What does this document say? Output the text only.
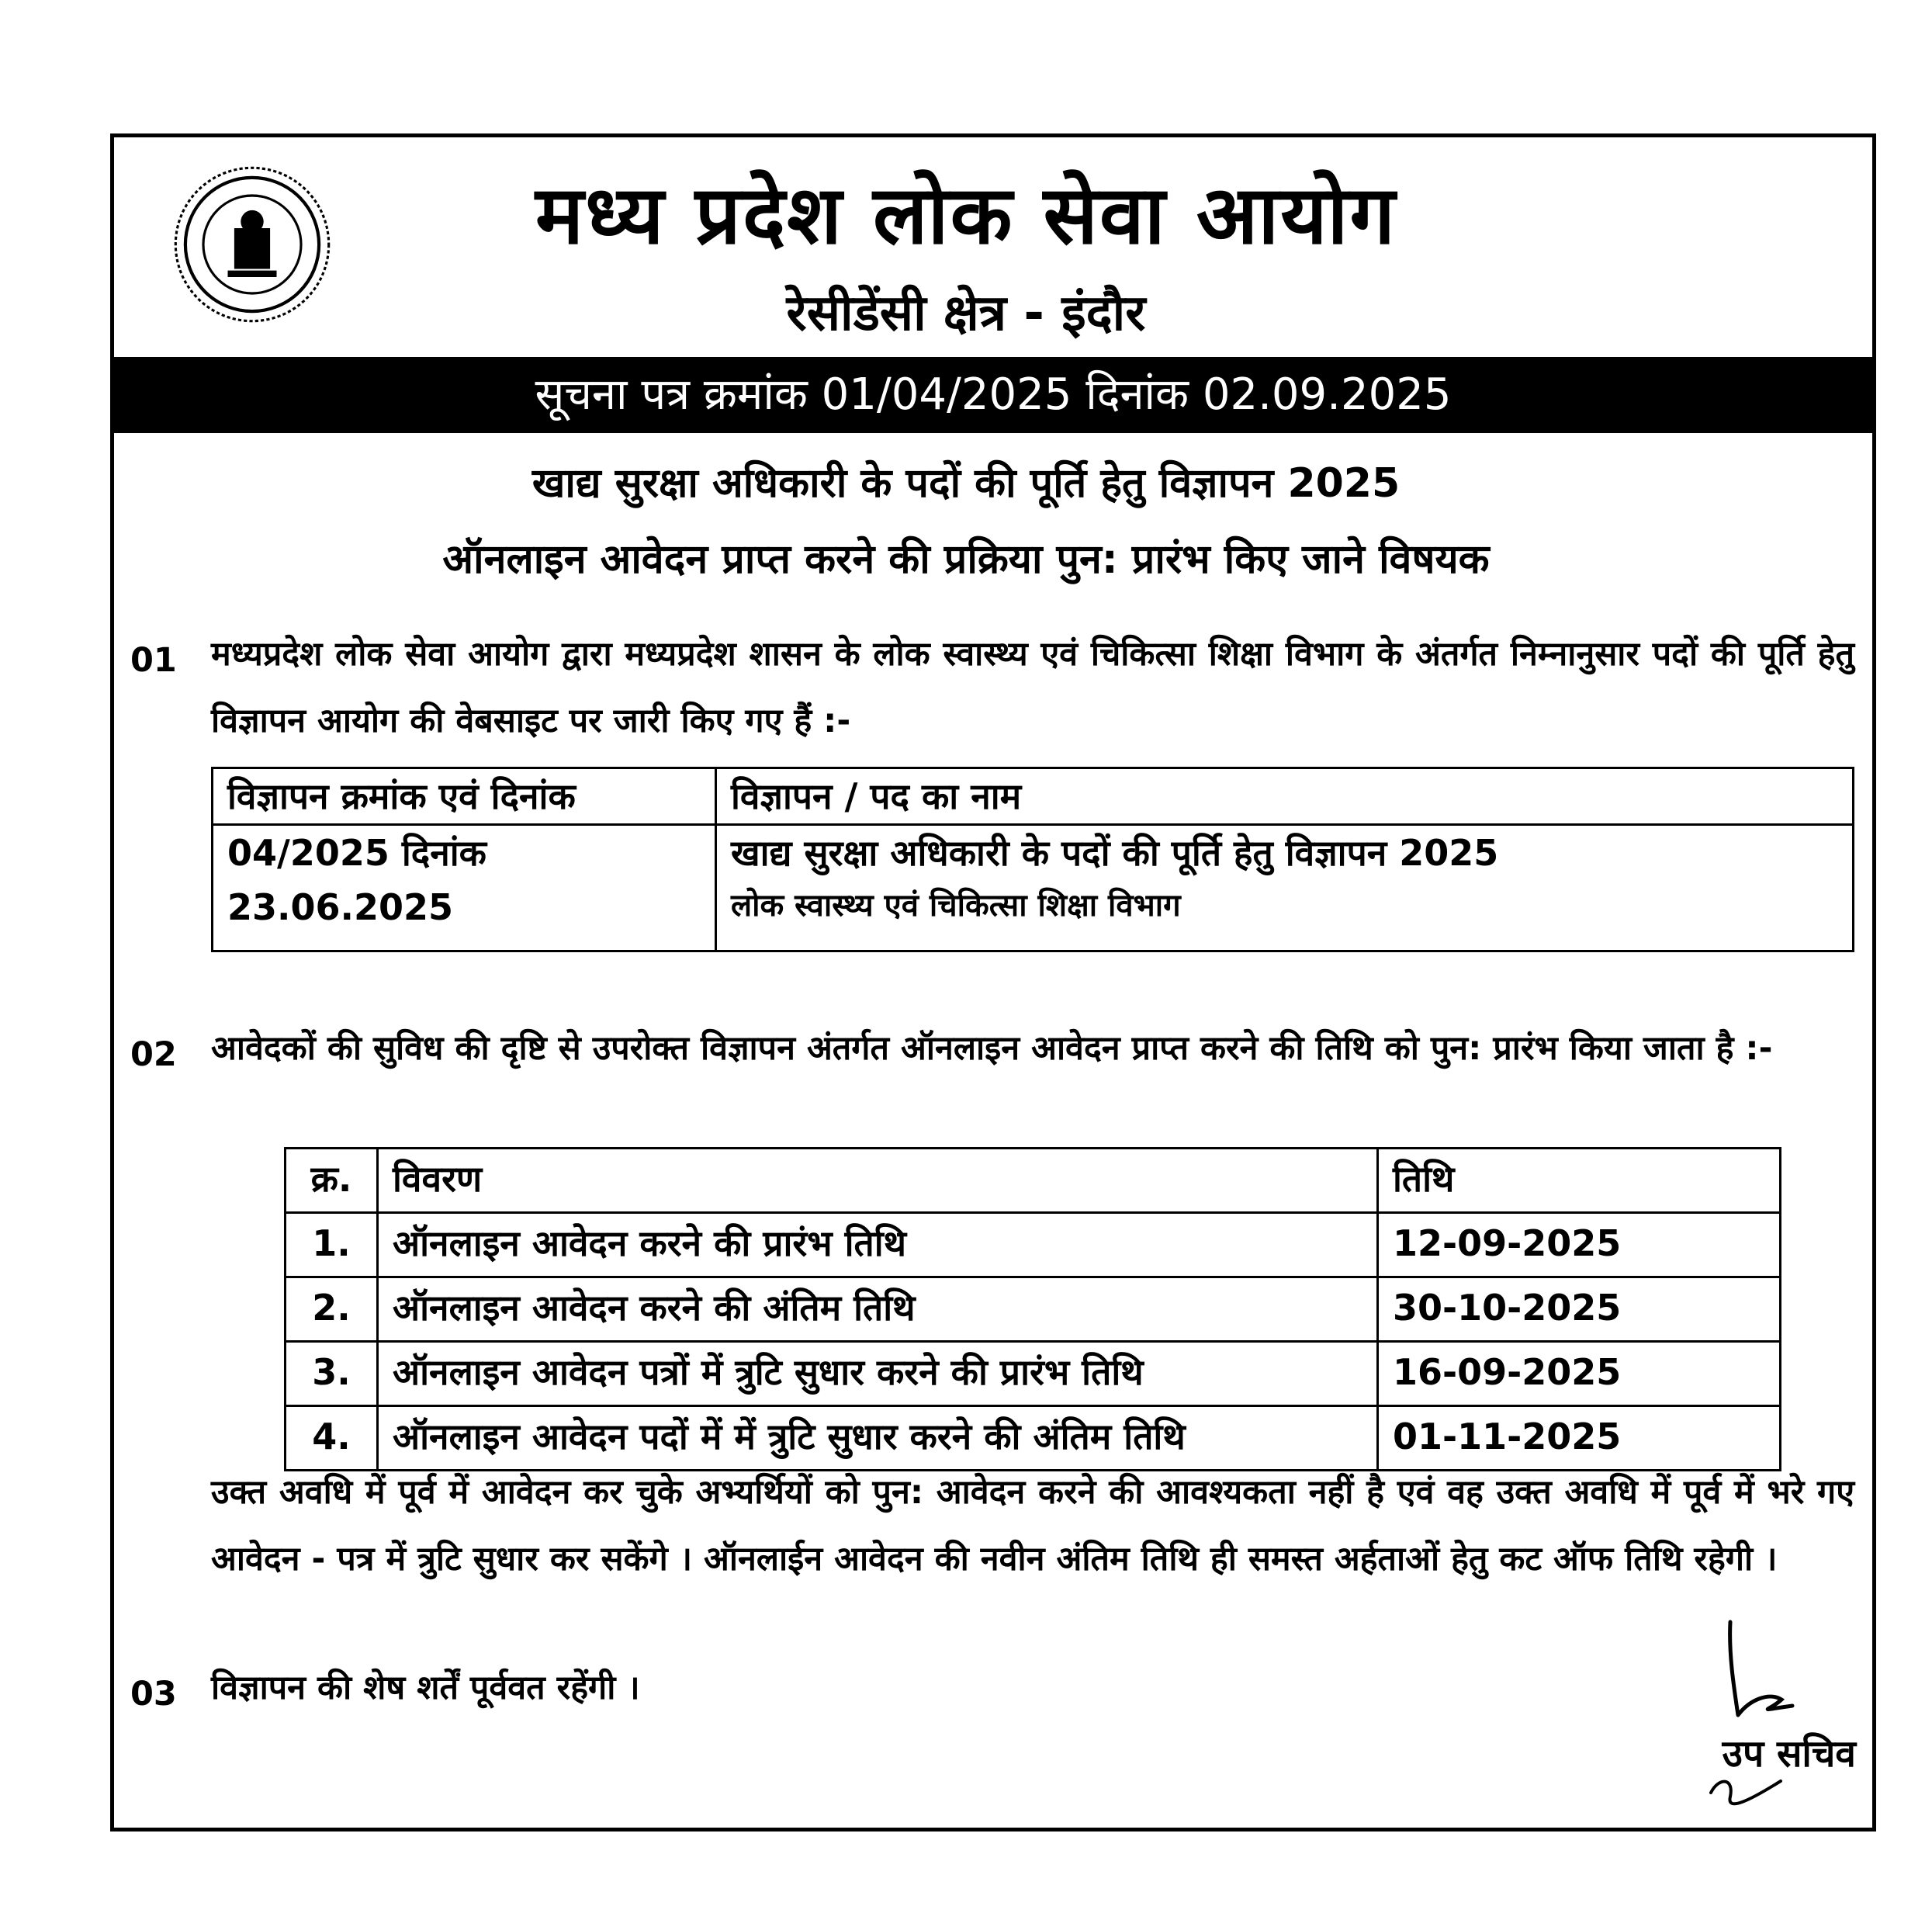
मध्य प्रदेश लोक सेवा आयोग
रेसीडेंसी क्षेत्र - इंदौर
सूचना पत्र क्रमांक 01/04/2025 दिनांक 02.09.2025
खाद्य सुरक्षा अधिकारी के पदों की पूर्ति हेतु विज्ञापन 2025
ऑनलाइन आवेदन प्राप्त करने की प्रक्रिया पुन: प्रारंभ किए जाने विषयक
01 मध्यप्रदेश लोक सेवा आयोग द्वारा मध्यप्रदेश शासन के लोक स्वास्थ्य एवं चिकित्सा शिक्षा विभाग के अंतर्गत निम्नानुसार पदों की पूर्ति हेतु विज्ञापन आयोग की वेबसाइट पर जारी किए गए हैं :-
विज्ञापन क्रमांक एवं दिनांक	विज्ञापन / पद का नाम
04/2025 दिनांक 23.06.2025	खाद्य सुरक्षा अधिकारी के पदों की पूर्ति हेतु विज्ञापन 2025
लोक स्वास्थ्य एवं चिकित्सा शिक्षा विभाग
02 आवेदकों की सुविध की दृष्टि से उपरोक्त विज्ञापन अंतर्गत ऑनलाइन आवेदन प्राप्त करने की तिथि को पुन: प्रारंभ किया जाता है :-
क्र.	विवरण	तिथि
1.	ऑनलाइन आवेदन करने की प्रारंभ तिथि	12-09-2025
2.	ऑनलाइन आवेदन करने की अंतिम तिथि	30-10-2025
3.	ऑनलाइन आवेदन पत्रों में त्रुटि सुधार करने की प्रारंभ तिथि	16-09-2025
4.	ऑनलाइन आवेदन पदों में में त्रुटि सुधार करने की अंतिम तिथि	01-11-2025
उक्त अवधि में पूर्व में आवेदन कर चुके अभ्यर्थियों को पुन: आवेदन करने की आवश्यकता नहीं है एवं वह उक्त अवधि में पूर्व में भरे गए आवेदन - पत्र में त्रुटि सुधार कर सकेंगे । ऑनलाईन आवेदन की नवीन अंतिम तिथि ही समस्त अर्हताओं हेतु कट ऑफ तिथि रहेगी ।
03 विज्ञापन की शेष शर्तें पूर्ववत रहेंगी ।
उप सचिव
